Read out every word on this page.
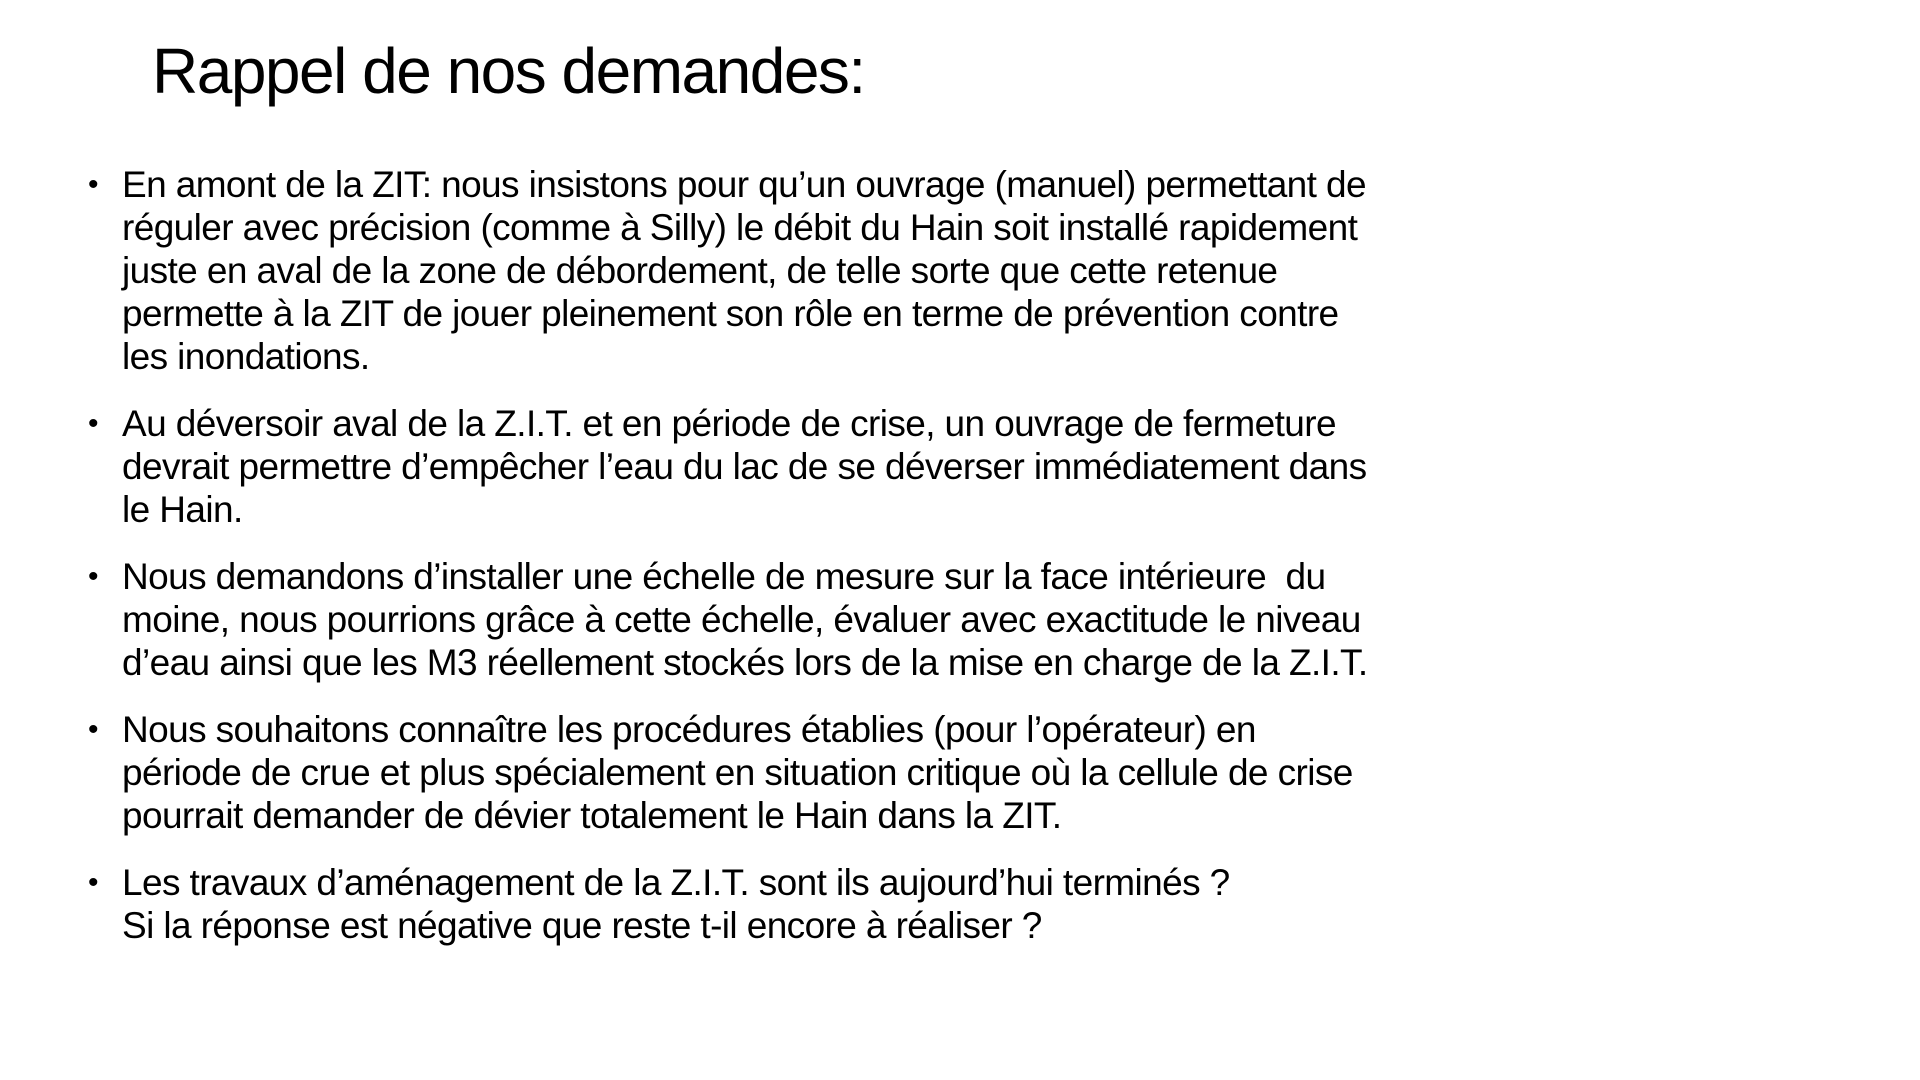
Rappel de nos demandes:
• En amont de la ZIT: nous insistons pour qu’un ouvrage (manuel) permettant de
réguler avec précision (comme à Silly) le débit du Hain soit installé rapidement
juste en aval de la zone de débordement, de telle sorte que cette retenue
permette à la ZIT de jouer pleinement son rôle en terme de prévention contre
les inondations.
• Au déversoir aval de la Z.I.T. et en période de crise, un ouvrage de fermeture
devrait permettre d’empêcher l’eau du lac de se déverser immédiatement dans
le Hain.
• Nous demandons d’installer une échelle de mesure sur la face intérieure  du
moine, nous pourrions grâce à cette échelle, évaluer avec exactitude le niveau
d’eau ainsi que les M3 réellement stockés lors de la mise en charge de la Z.I.T.
• Nous souhaitons connaître les procédures établies (pour l’opérateur) en
période de crue et plus spécialement en situation critique où la cellule de crise
pourrait demander de dévier totalement le Hain dans la ZIT.
• Les travaux d’aménagement de la Z.I.T. sont ils aujourd’hui terminés ?
Si la réponse est négative que reste t-il encore à réaliser ?
